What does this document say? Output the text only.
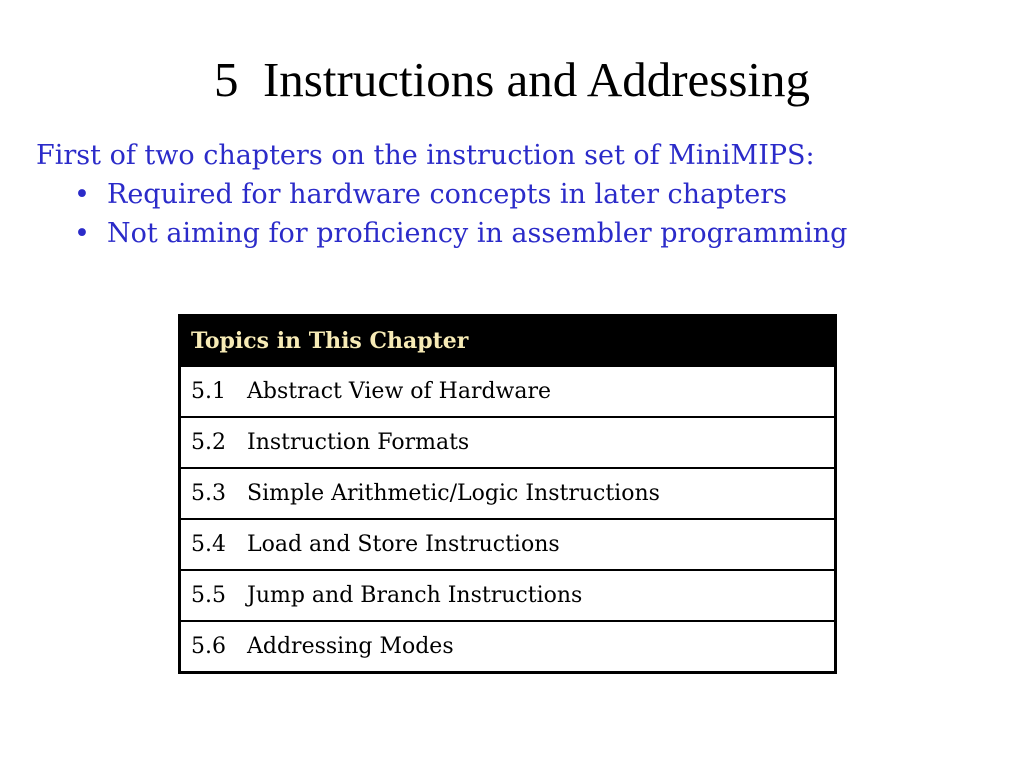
5  Instructions and Addressing

First of two chapters on the instruction set of MiniMIPS:

• Required for hardware concepts in later chapters
• Not aiming for proficiency in assembler programming
Topics in This Chapter
5.1 Abstract View of Hardware
5.2 Instruction Formats
5.3 Simple Arithmetic/Logic Instructions
5.4 Load and Store Instructions
5.5 Jump and Branch Instructions
5.6 Addressing Modes
